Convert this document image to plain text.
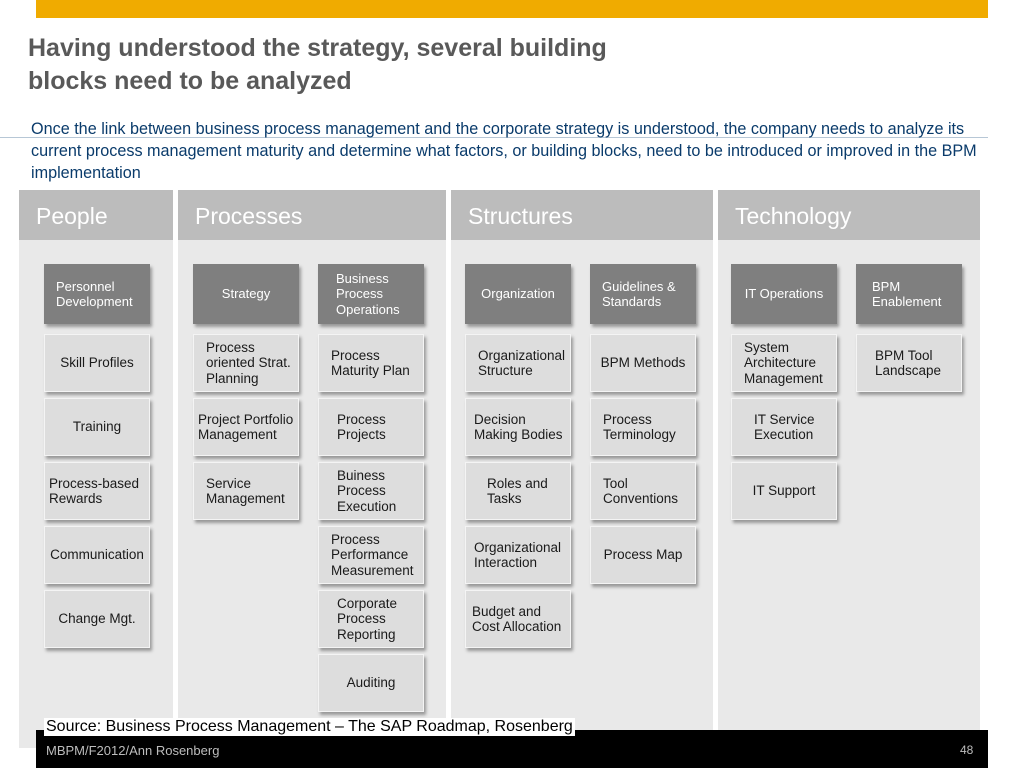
Having understood the strategy, several building blocks need to be analyzed
Once the link between business process management and the corporate strategy is understood, the company needs to analyze its current process management maturity and determine what factors, or building blocks, need to be introduced or improved in the BPM implementation
People	Processes	Structures	Technology
Personnel Development
Skill Profiles
Training
Process-based Rewards
Communication
Change Mgt.
Strategy
Process oriented Strat. Planning
Project Portfolio Management
Service Management
Business Process Operations
Process Maturity Plan
Process Projects
Buiness Process Execution
Process Performance Measurement
Corporate Process Reporting
Auditing
Organization
Organizational Structure
Decision Making Bodies
Roles and Tasks
Organizational Interaction
Budget and Cost Allocation
Guidelines & Standards
BPM Methods
Process Terminology
Tool Conventions
Process Map
IT Operations
System Architecture Management
IT Service Execution
IT Support
BPM Enablement
BPM Tool Landscape
MBPM/F2012/Ann Rosenberg	48
Source: Business Process Management – The SAP Roadmap, Rosenberg
